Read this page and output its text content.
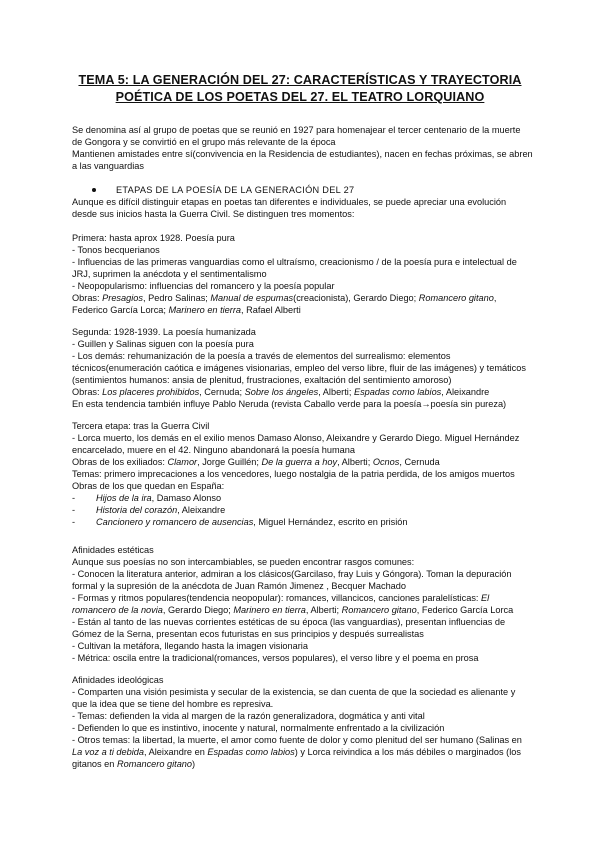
TEMA 5: LA GENERACIÓN DEL 27: CARACTERÍSTICAS Y TRAYECTORIA
POÉTICA DE LOS POETAS DEL 27. EL TEATRO LORQUIANO
Se denomina así al grupo de poetas que se reunió en 1927 para homenajear el tercer centenario de la muerte
de Gongora y se convirtió en el grupo más relevante de la época
Mantienen amistades entre sí(convivencia en la Residencia de estudiantes), nacen en fechas próximas, se abren
a las vanguardias
ETAPAS DE LA POESÍA DE LA GENERACIÓN DEL 27
Aunque es difícil distinguir etapas en poetas tan diferentes e individuales, se puede apreciar una evolución
desde sus inicios hasta la Guerra Civil. Se distinguen tres momentos:
Primera: hasta aprox 1928. Poesía pura
- Tonos becquerianos
- Influencias de las primeras vanguardias como el ultraísmo, creacionismo / de la poesía pura e intelectual de
JRJ, suprimen la anécdota y el sentimentalismo
- Neopopularismo: influencias del romancero y la poesía popular
Obras: Presagios, Pedro Salinas; Manual de espumas(creacionista), Gerardo Diego; Romancero gitano,
Federico García Lorca; Marinero en tierra, Rafael Alberti
Segunda: 1928-1939. La poesía humanizada
- Guillen y Salinas siguen con la poesía pura
- Los demás: rehumanización de la poesía a través de elementos del surrealismo: elementos
técnicos(enumeración caótica e imágenes visionarias, empleo del verso libre, fluir de las imágenes) y temáticos
(sentimientos humanos: ansia de plenitud, frustraciones, exaltación del sentimiento amoroso)
Obras: Los placeres prohibidos, Cernuda; Sobre los ángeles, Alberti; Espadas como labios, Aleixandre
En esta tendencia también influye Pablo Neruda (revista Caballo verde para la poesía→poesía sin pureza)
Tercera etapa: tras la Guerra Civil
- Lorca muerto, los demás en el exilio menos Damaso Alonso, Aleixandre y Gerardo Diego. Miguel Hernández
encarcelado, muere en el 42. Ninguno abandonará la poesía humana
Obras de los exiliados: Clamor, Jorge Guillén; De la guerra a hoy, Alberti; Ocnos, Cernuda
Temas: primero imprecaciones a los vencedores, luego nostalgia de la patria perdida, de los amigos muertos
Obras de los que quedan en España:
- Hijos de la ira, Damaso Alonso
- Historia del corazón, Aleixandre
- Cancionero y romancero de ausencias, Miguel Hernández, escrito en prisión
Afinidades estéticas
Aunque sus poesías no son intercambiables, se pueden encontrar rasgos comunes:
- Conocen la literatura anterior, admiran a los clásicos(Garcilaso, fray Luis y Góngora). Toman la depuración
formal y la supresión de la anécdota de Juan Ramón Jimenez , Becquer Machado
- Formas y ritmos populares(tendencia neopopular): romances, villancicos, canciones paralelísticas: El
romancero de la novia, Gerardo Diego; Marinero en tierra, Alberti; Romancero gitano, Federico García Lorca
- Están al tanto de las nuevas corrientes estéticas de su época (las vanguardias), presentan influencias de
Gómez de la Serna, presentan ecos futuristas en sus principios y después surrealistas
- Cultivan la metáfora, llegando hasta la imagen visionaria
- Métrica: oscila entre la tradicional(romances, versos populares), el verso libre y el poema en prosa
Afinidades ideológicas
- Comparten una visión pesimista y secular de la existencia, se dan cuenta de que la sociedad es alienante y
que la idea que se tiene del hombre es represiva.
- Temas: defienden la vida al margen de la razón generalizadora, dogmática y anti vital
- Defienden lo que es instintivo, inocente y natural, normalmente enfrentado a la civilización
- Otros temas: la libertad, la muerte, el amor como fuente de dolor y como plenitud del ser humano (Salinas en
La voz a ti debida, Aleixandre en Espadas como labios) y Lorca reivindica a los más débiles o marginados (los
gitanos en Romancero gitano)
